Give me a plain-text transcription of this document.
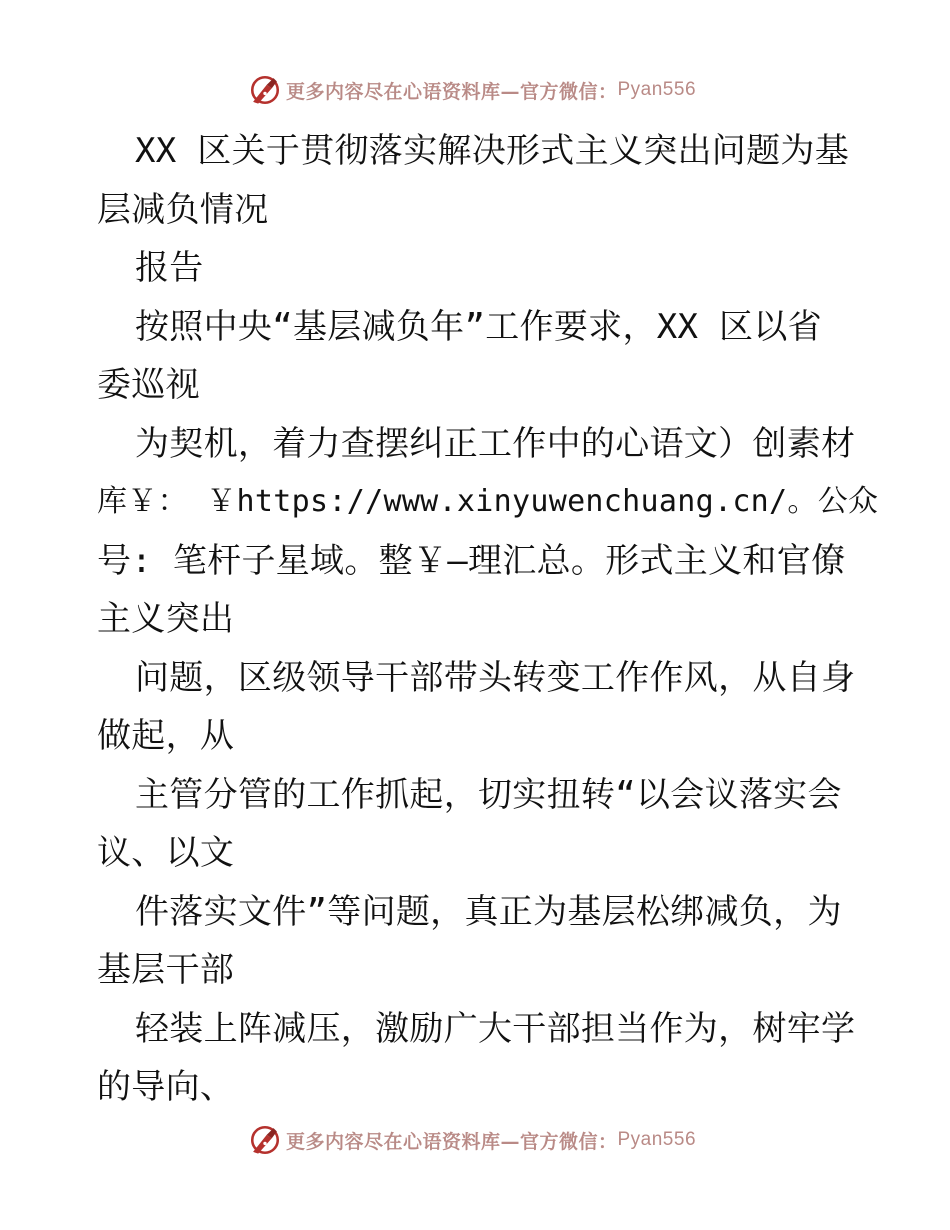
更多内容尽在心语资料库—官方微信： Pyan556
XX 区关于贯彻落实解决形式主义突出问题为基
层减负情况
报告
按照中央“基层减负年”工作要求，XX 区以省
委巡视
为契机，着力查摆纠正工作中的心语文）创素材
库￥： ￥https://www.xinyuwenchuang.cn/。公众
号: 笔杆子星域。整￥—理汇总。形式主义和官僚
主义突出
问题，区级领导干部带头转变工作作风，从自身
做起，从
主管分管的工作抓起，切实扭转“以会议落实会
议、以文
件落实文件”等问题，真正为基层松绑减负，为
基层干部
轻装上阵减压，激励广大干部担当作为，树牢学
的导向、
更多内容尽在心语资料库—官方微信： Pyan556
